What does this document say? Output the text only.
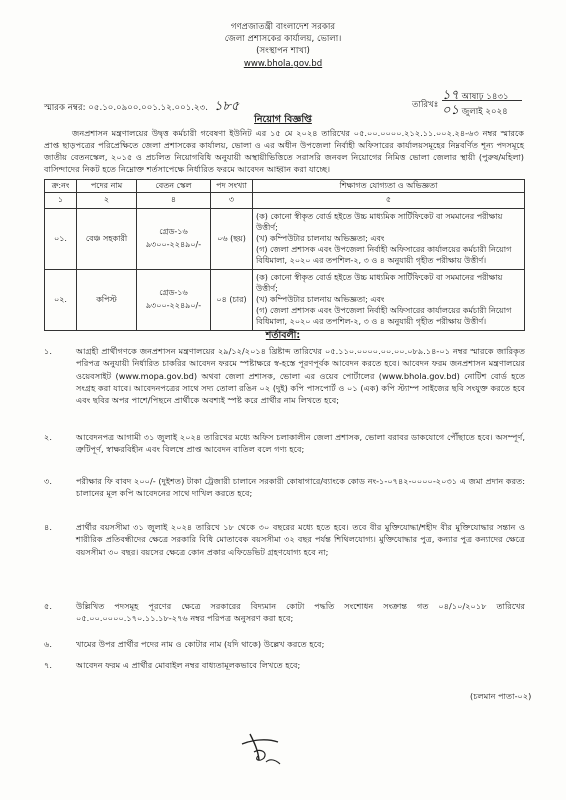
গণপ্রজাতন্ত্রী বাংলাদেশ সরকার
জেলা প্রশাসকের কার্যালয়, ভোলা।
(সংস্থাপন শাখা)
www.bhola.gov.bd
স্মারক নম্বর: ০৫.১০.০৯০০.০০১.১২.০০১.২৩. ১৮৫	তারিখঃ
১৭ আষাঢ় ১৪৩১
০১ জুলাই ২০২৪
নিয়োগ বিজ্ঞপ্তি
জনপ্রশাসন মন্ত্রণালয়ের উদ্বৃত্ত কর্মচারী গবেষণা ইউনিট এর ১৫ মে ২০২৪ তারিখের ০৫.০০.০০০০.২১২.১১.০০২.২৪-৬৩ নম্বর স্মারকে প্রাপ্ত ছাড়পত্রের পরিপ্রেক্ষিতে জেলা প্রশাসকের কার্যালয়, ভোলা ও এর অধীন উপজেলা নির্বাহী অফিসারের কার্যালয়সমূহের নিম্নবর্ণিত শূন্য পদসমূহে জাতীয় বেতনস্কেল, ২০১৫ ও প্রচলিত নিয়োগবিধি অনুযায়ী অস্থায়ীভিত্তিতে সরাসরি জনবল নিয়োগের নিমিত্ত ভোলা জেলার স্থায়ী (পুরুষ/মহিলা) বাসিন্দাদের নিকট হতে নিম্নোক্ত শর্তসাপেক্ষে নির্ধারিত ফরমে আবেদন আহ্বান করা যাচ্ছে।
ক্র:নং	পদের নাম	বেতন স্কেল	পদ সংখ্যা	শিক্ষাগত যোগ্যতা ও অভিজ্ঞতা
১	২	৪	৩	৫
০১.	বেঞ্চ সহকারী	গ্রেড-১৬
৯৩০০-২২৪৯০/-	০৬ (ছয়)	(ক) কোনো স্বীকৃত বোর্ড হইতে উচ্চ মাধ্যমিক সার্টিফিকেট বা সমমানের পরীক্ষায় উত্তীর্ণ;
(খ) কম্পিউটার চালনায় অভিজ্ঞতা; এবং
(গ) জেলা প্রশাসক এবং উপজেলা নির্বাহী অফিসারের কার্যালয়ের কর্মচারী নিয়োগ বিধিমালা, ২০২০ এর তপশিল-২, ৩ ও ৪ অনুযায়ী গৃহীত পরীক্ষায় উত্তীর্ণ।

০২.	কপিস্ট	গ্রেড-১৬
৯৩০০-২২৪৯০/-	০৪ (চার)	(ক) কোনো স্বীকৃত বোর্ড হইতে উচ্চ মাধ্যমিক সার্টিফিকেট বা সমমানের পরীক্ষায় উত্তীর্ণ;
(খ) কম্পিউটার চালনায় অভিজ্ঞতা; এবং
(গ) জেলা প্রশাসক এবং উপজেলা নির্বাহী অফিসারের কার্যালয়ের কর্মচারী নিয়োগ বিধিমালা, ২০২০ এর তপশিল-২, ৩ ও ৪ অনুযায়ী গৃহীত পরীক্ষায় উত্তীর্ণ।
শর্তাবলী:
১.	আগ্রহী প্রার্থীগণকে জনপ্রশাসন মন্ত্রণালয়ের ২৯/১২/২০১৪ খ্রিষ্টাব্দ তারিখের ০৫.১১০.০০০০.০০.০০.০৮৯.১৪-০১ নম্বর স্মারকে জারিকৃত পরিপত্র অনুযায়ী নির্ধারিত চাকরির আবেদন ফরমে স্পষ্টাক্ষরে স্ব-হস্তে পূরণপূর্বক আবেদন করতে হবে। আবেদন ফরম জনপ্রশাসন মন্ত্রণালয়ের ওয়েবসাইট (www.mopa.gov.bd) অথবা জেলা প্রশাসক, ভোলা এর ওয়েব পোর্টালের (www.bhola.gov.bd) নোটিশ বোর্ড হতে সংগ্রহ করা যাবে। আবেদনপত্রের সাথে সদ্য তোলা রঙিন ০২ (দুই) কপি পাসপোর্ট ও ০১ (এক) কপি স্ট্যাম্প সাইজের ছবি সংযুক্ত করতে হবে এবং ছবির অপর পাশে/পিছনে প্রার্থীকে অবশ্যই স্পষ্ট করে প্রার্থীর নাম লিখতে হবে;
২.	আবেদনপত্র আগামী ৩১ জুলাই ২০২৪ তারিখের মধ্যে অফিস চলাকালীন জেলা প্রশাসক, ভোলা বরাবর ডাকযোগে পৌঁছাতে হবে। অসম্পূর্ণ, ত্রুটিপূর্ণ, স্বাক্ষরবিহীন এবং বিলম্বে প্রাপ্ত আবেদন বাতিল বলে গণ্য হবে;
৩.	পরীক্ষার ফি বাবদ ২০০/- (দুইশত) টাকা ট্রেজারী চালানে সরকারী কোষাগারে/ব্যাংকে কোড নং-১-০৭৪২-০০০০-২০৩১ এ জমা প্রদান করত: চালানের মূল কপি আবেদনের সাথে দাখিল করতে হবে;
৪.	প্রার্থীর বয়সসীমা ৩১ জুলাই ২০২৪ তারিখে ১৮ থেকে ৩০ বছরের মধ্যে হতে হবে। তবে বীর মুক্তিযোদ্ধা/শহীদ বীর মুক্তিযোদ্ধার সন্তান ও শারীরিক প্রতিবন্ধীদের ক্ষেত্রে সরকারি বিধি মোতাবেক বয়সসীমা ৩২ বছর পর্যন্ত শিথিলযোগ্য। মুক্তিযোদ্ধার পুত্র, কন্যার পুত্র কন্যাদের ক্ষেত্রে বয়সসীমা ৩০ বছর। বয়সের ক্ষেত্রে কোন প্রকার এফিডেভিট গ্রহণযোগ্য হবে না;
৫.	উল্লিখিত পদসমূহ পূরণের ক্ষেত্রে সরকারের বিদ্যমান কোটা পদ্ধতি সংশোধন সংক্রান্ত গত ০৪/১০/২০১৮ তারিখের ০৫.০০.০০০০.১৭০.১১.১৮-২৭৬ নম্বর পরিপত্র অনুসরণ করা হবে;
৬.	খামের উপর প্রার্থীর পদের নাম ও কোটার নাম (যদি থাকে) উল্লেখ করতে হবে;
৭.	আবেদন ফরম এ প্রার্থীর মোবাইল নম্বর বাধ্যতামূলকভাবে লিখতে হবে;
(চলমান পাতা-০২)
